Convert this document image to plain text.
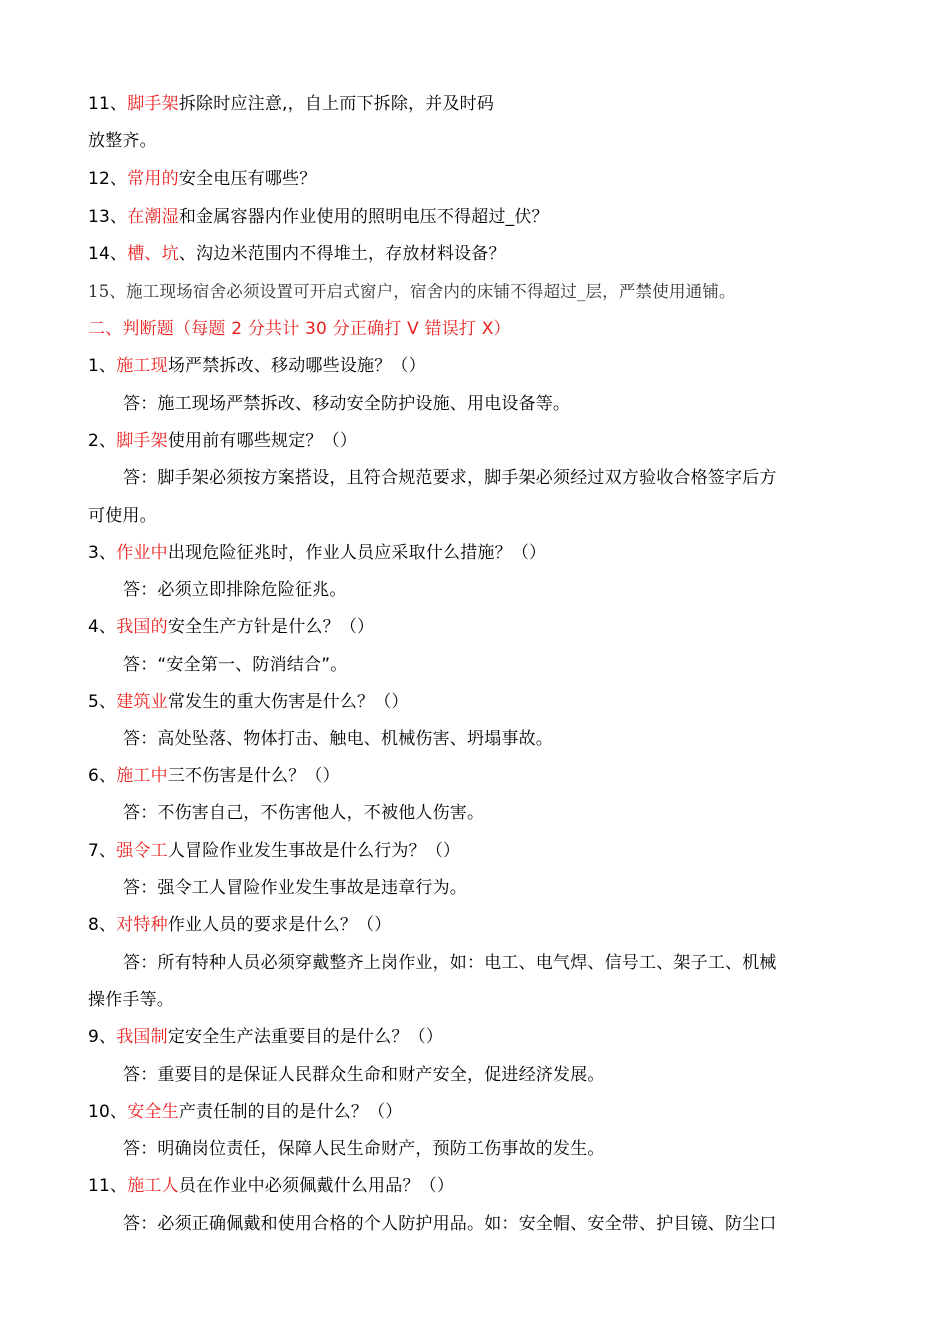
11、脚手架拆除时应注意,，自上而下拆除，并及时码
放整齐。
12、常用的安全电压有哪些？
13、在潮湿和金属容器内作业使用的照明电压不得超过_伏？
14、槽、坑、沟边米范围内不得堆土，存放材料设备？
15、施工现场宿舍必须设置可开启式窗户，宿舍内的床铺不得超过_层，严禁使用通铺。
二、判断题（每题 2 分共计 30 分正确打 V 错误打 X）
1、施工现场严禁拆改、移动哪些设施？（）
答：施工现场严禁拆改、移动安全防护设施、用电设备等。
2、脚手架使用前有哪些规定？（）
答：脚手架必须按方案搭设，且符合规范要求，脚手架必须经过双方验收合格签字后方
可使用。
3、作业中出现危险征兆时，作业人员应采取什么措施？（）
答：必须立即排除危险征兆。
4、我国的安全生产方针是什么？（）
答：“安全第一、防消结合”。
5、建筑业常发生的重大伤害是什么？（）
答：高处坠落、物体打击、触电、机械伤害、坍塌事故。
6、施工中三不伤害是什么？（）
答：不伤害自己，不伤害他人，不被他人伤害。
7、强令工人冒险作业发生事故是什么行为？（）
答：强令工人冒险作业发生事故是违章行为。
8、对特种作业人员的要求是什么？（）
答：所有特种人员必须穿戴整齐上岗作业，如：电工、电气焊、信号工、架子工、机械
操作手等。
9、我国制定安全生产法重要目的是什么？（）
答：重要目的是保证人民群众生命和财产安全，促进经济发展。
10、安全生产责任制的目的是什么？（）
答：明确岗位责任，保障人民生命财产，预防工伤事故的发生。
11、施工人员在作业中必须佩戴什么用品？（）
答：必须正确佩戴和使用合格的个人防护用品。如：安全帽、安全带、护目镜、防尘口
